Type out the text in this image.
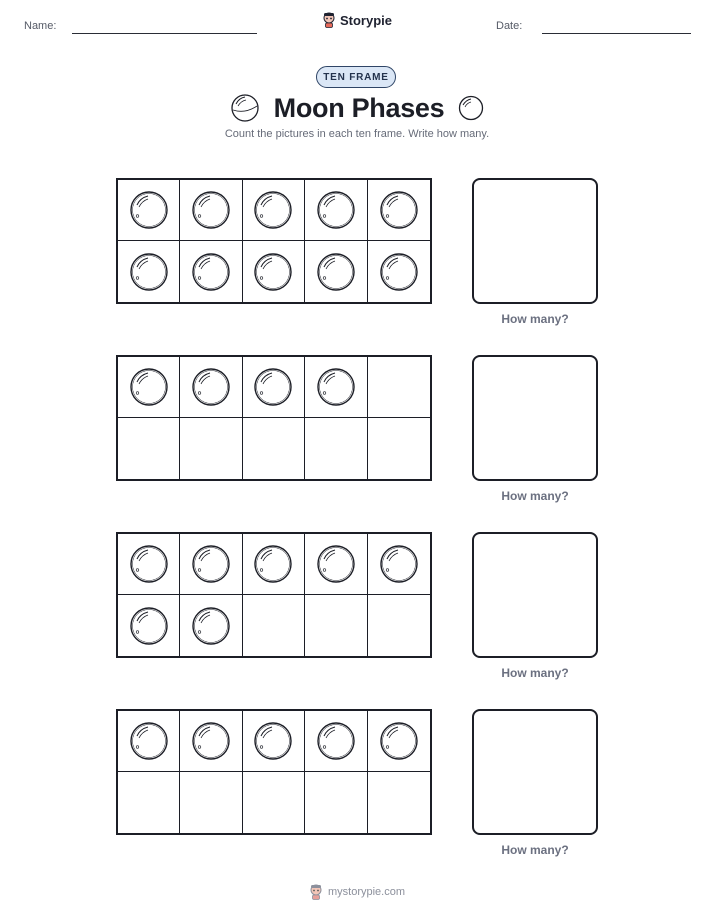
Name:	Storypie	Date:
TEN FRAME
Moon Phases
Count the pictures in each ten frame. Write how many.
How many?
How many?
How many?
How many?
mystorypie.com
